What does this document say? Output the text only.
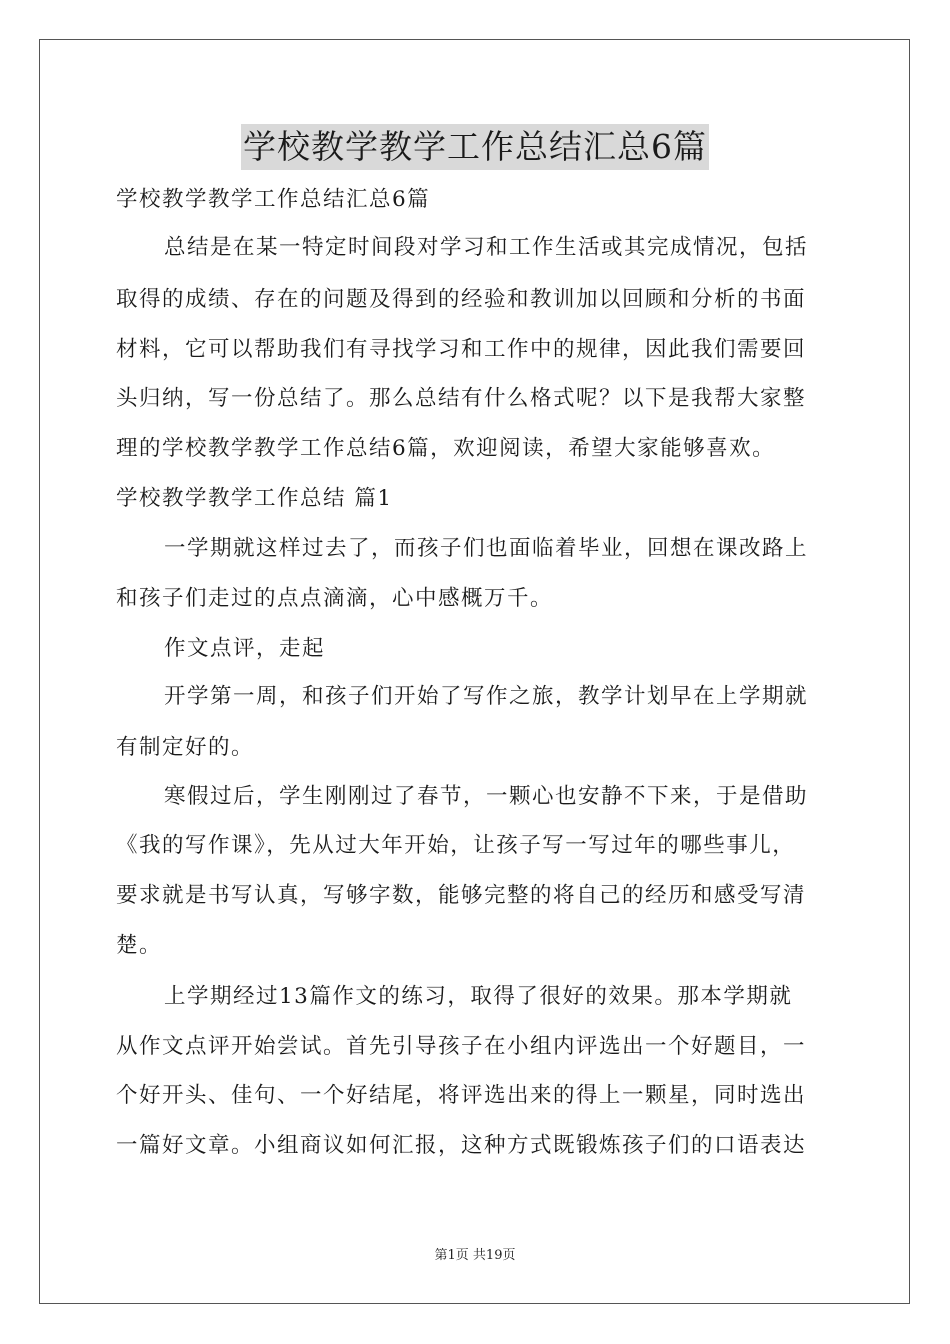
学校教学教学工作总结汇总6篇

学校教学教学工作总结汇总6篇

总结是在某一特定时间段对学习和工作生活或其完成情况，包括

取得的成绩、存在的问题及得到的经验和教训加以回顾和分析的书面

材料，它可以帮助我们有寻找学习和工作中的规律，因此我们需要回

头归纳，写一份总结了。那么总结有什么格式呢？以下是我帮大家整

理的学校教学教学工作总结6篇，欢迎阅读，希望大家能够喜欢。

学校教学教学工作总结 篇1

一学期就这样过去了，而孩子们也面临着毕业，回想在课改路上

和孩子们走过的点点滴滴，心中感概万千。

作文点评，走起

开学第一周，和孩子们开始了写作之旅，教学计划早在上学期就

有制定好的。

寒假过后，学生刚刚过了春节，一颗心也安静不下来，于是借助

《我的写作课》，先从过大年开始，让孩子写一写过年的哪些事儿，

要求就是书写认真，写够字数，能够完整的将自己的经历和感受写清

楚。

上学期经过13篇作文的练习，取得了很好的效果。那本学期就

从作文点评开始尝试。首先引导孩子在小组内评选出一个好题目，一

个好开头、佳句、一个好结尾，将评选出来的得上一颗星，同时选出

一篇好文章。小组商议如何汇报，这种方式既锻炼孩子们的口语表达

第1页 共19页
